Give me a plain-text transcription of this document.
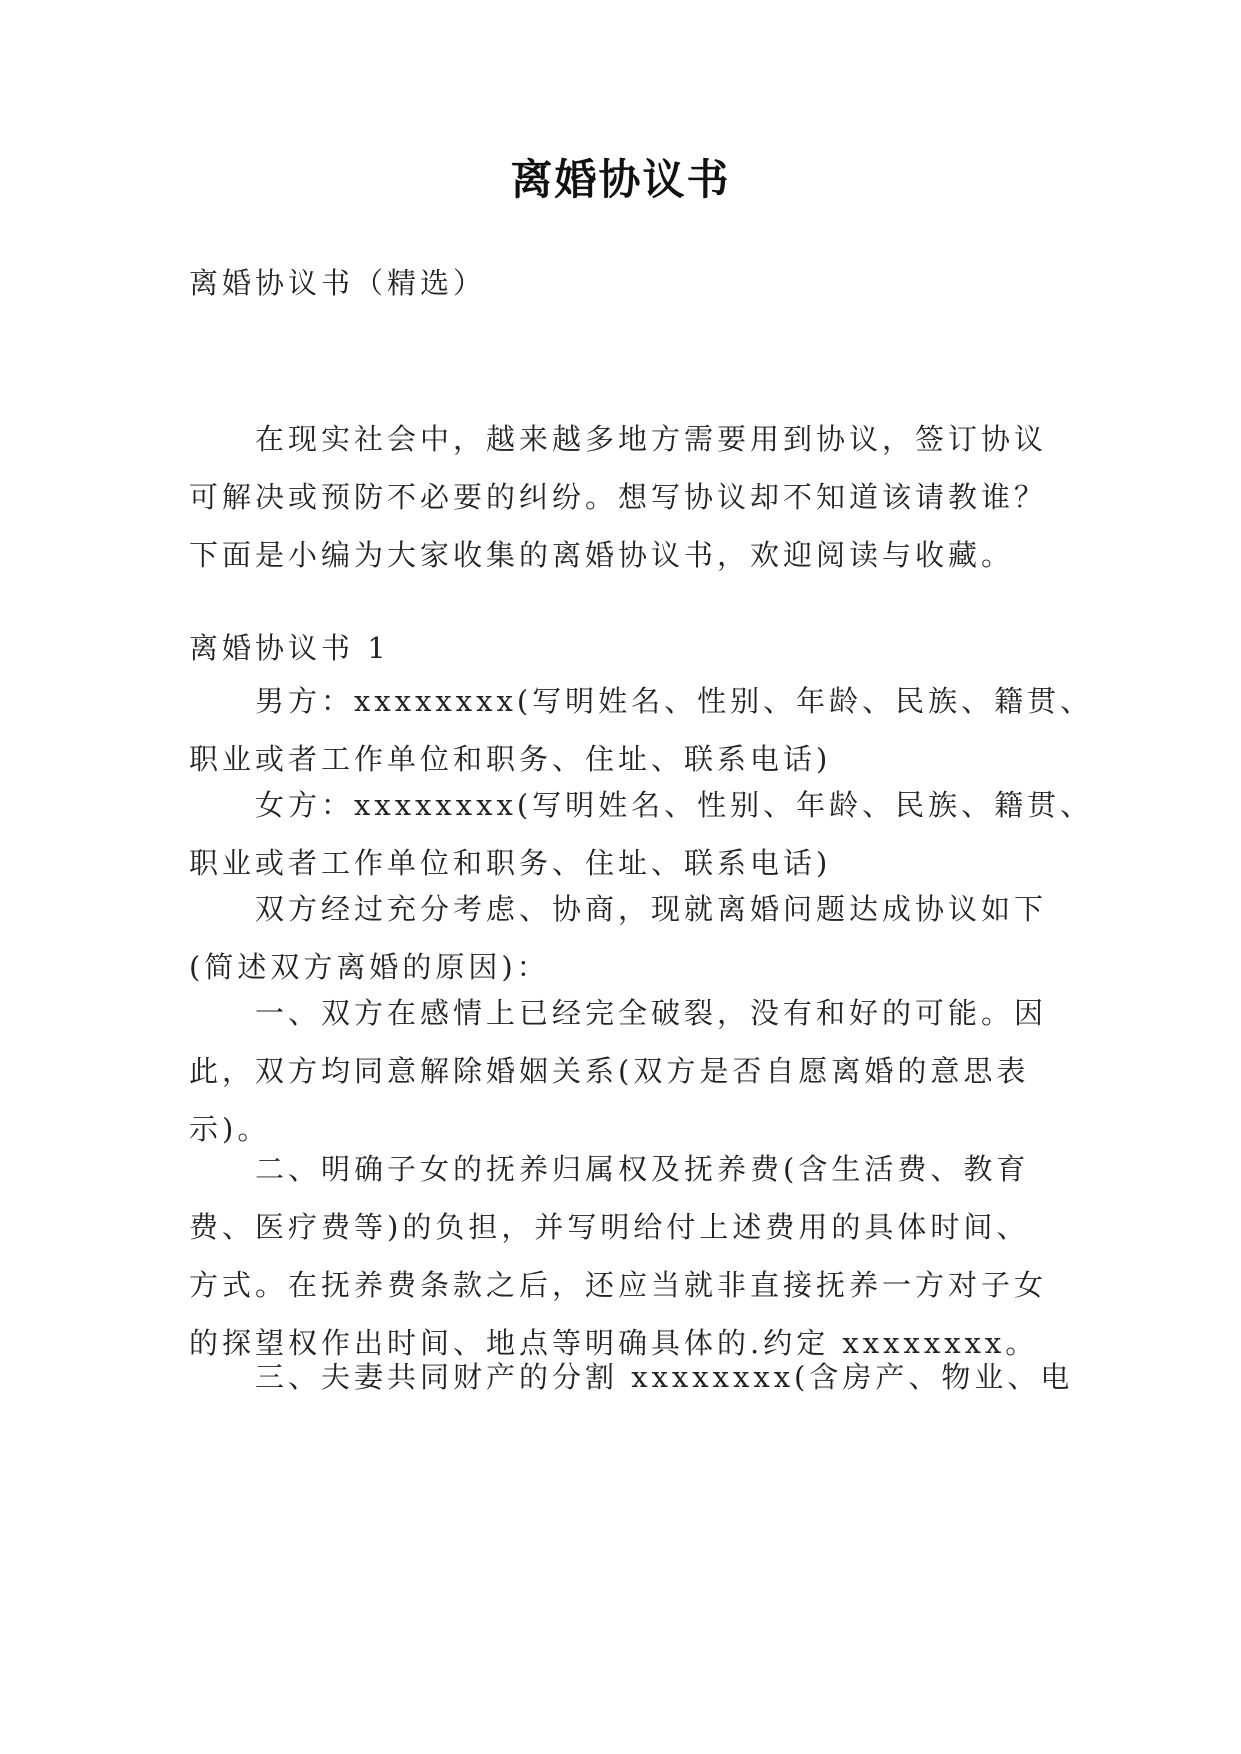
离婚协议书

离婚协议书（精选）

在现实社会中，越来越多地方需要用到协议，签订协议
可解决或预防不必要的纠纷。想写协议却不知道该请教谁？
下面是小编为大家收集的离婚协议书，欢迎阅读与收藏。

离婚协议书 1

男方：xxxxxxxx(写明姓名、性别、年龄、民族、籍贯、
职业或者工作单位和职务、住址、联系电话)
女方：xxxxxxxx(写明姓名、性别、年龄、民族、籍贯、
职业或者工作单位和职务、住址、联系电话)
双方经过充分考虑、协商，现就离婚问题达成协议如下
(简述双方离婚的原因)：
一、双方在感情上已经完全破裂，没有和好的可能。因
此，双方均同意解除婚姻关系(双方是否自愿离婚的意思表
示)。
二、明确子女的抚养归属权及抚养费(含生活费、教育
费、医疗费等)的负担，并写明给付上述费用的具体时间、
方式。在抚养费条款之后，还应当就非直接抚养一方对子女
的探望权作出时间、地点等明确具体的.约定 xxxxxxxx。
三、夫妻共同财产的分割 xxxxxxxx(含房产、物业、电
